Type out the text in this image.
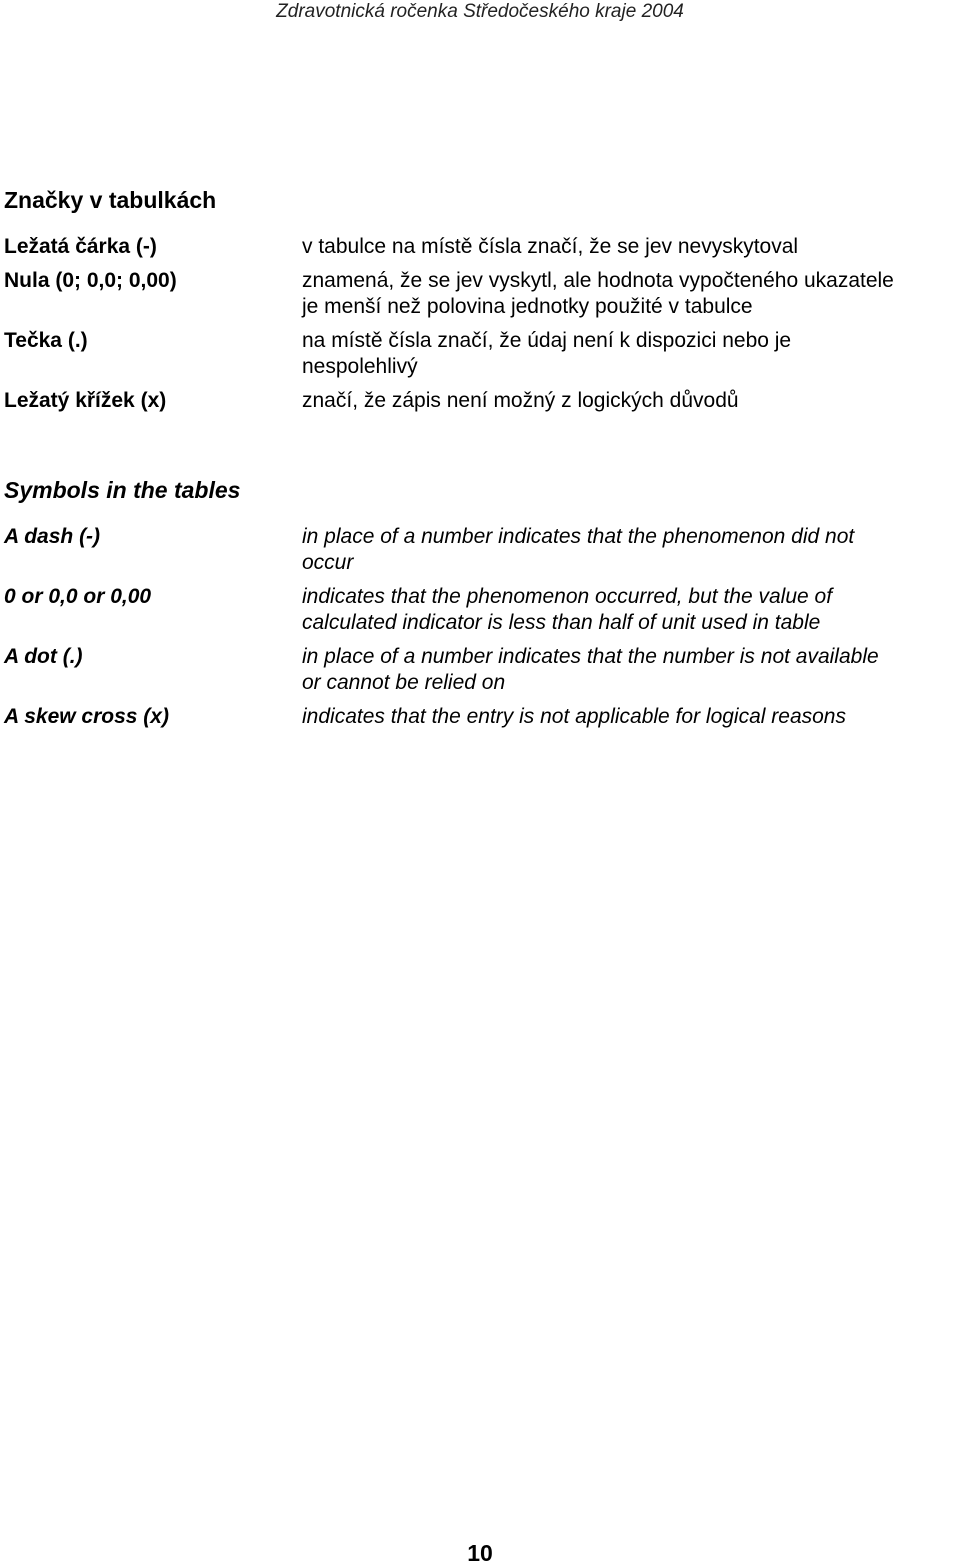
Zdravotnická ročenka Středočeského kraje 2004
Značky v tabulkách
Ležatá čárka (-)	v tabulce na místě čísla značí, že se jev nevyskytoval
Nula (0; 0,0; 0,00)	znamená, že se jev vyskytl, ale hodnota vypočteného ukazatele
je menší než polovina jednotky použité v tabulce
Tečka (.)	na místě čísla značí, že údaj není k dispozici nebo je
nespolehlivý
Ležatý křížek (x)	značí, že zápis není možný z logických důvodů
Symbols in the tables
A dash (-)	in place of a number indicates that the phenomenon did not
occur
0 or 0,0 or 0,00	indicates that the phenomenon occurred, but the value of
calculated indicator is less than half of unit used in table
A dot (.)	in place of a number indicates that the number is not available
or cannot be relied on
A skew cross (x)	indicates that the entry is not applicable for logical reasons
10
